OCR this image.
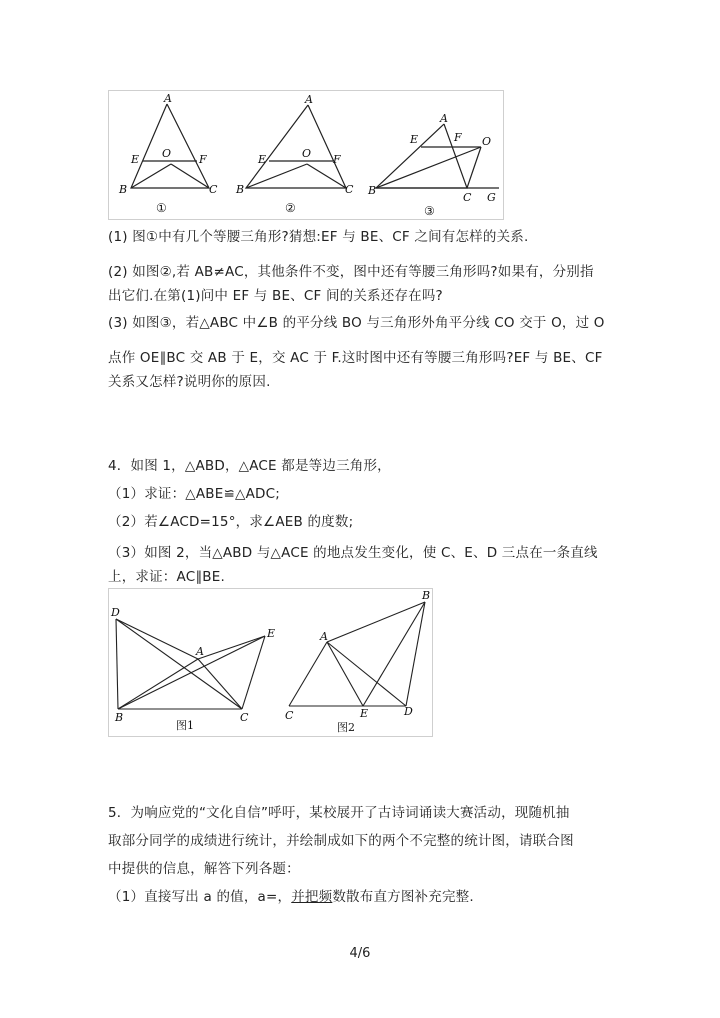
A
E O	F
B	C
①
A
E	O F
B	C
②
A
E	F O
B
C G
③
(1) 图①中有几个等腰三角形?猜想:EF 与 BE、CF 之间有怎样的关系.
(2) 如图②,若 AB≠AC，其他条件不变，图中还有等腰三角形吗?如果有，分别指
出它们.在第(1)问中 EF 与 BE、CF 间的关系还存在吗?
(3) 如图③，若△ABC 中∠B 的平分线 BO 与三角形外角平分线 CO 交于 O，过 O
点作 OE∥BC 交 AB 于 E，交 AC 于 F.这时图中还有等腰三角形吗?EF 与 BE、CF
关系又怎样?说明你的原因.
4．如图 1，△ABD，△ACE 都是等边三角形，
（1）求证：△ABE≌△ADC;
（2）若∠ACD=15°，求∠AEB 的度数;
（3）如图 2，当△ABD 与△ACE 的地点发生变化，使 C、E、D 三点在一条直线
上，求证：AC∥BE.
D
A
E
B	C
图1
B
A
C	E	D
图2
5．为响应党的“文化自信”呼吁，某校展开了古诗词诵读大赛活动，现随机抽
取部分同学的成绩进行统计，并绘制成如下的两个不完整的统计图，请联合图
中提供的信息，解答下列各题：
（1）直接写出 a 的值，a=，并把频数散布直方图补充完整.
4/6
